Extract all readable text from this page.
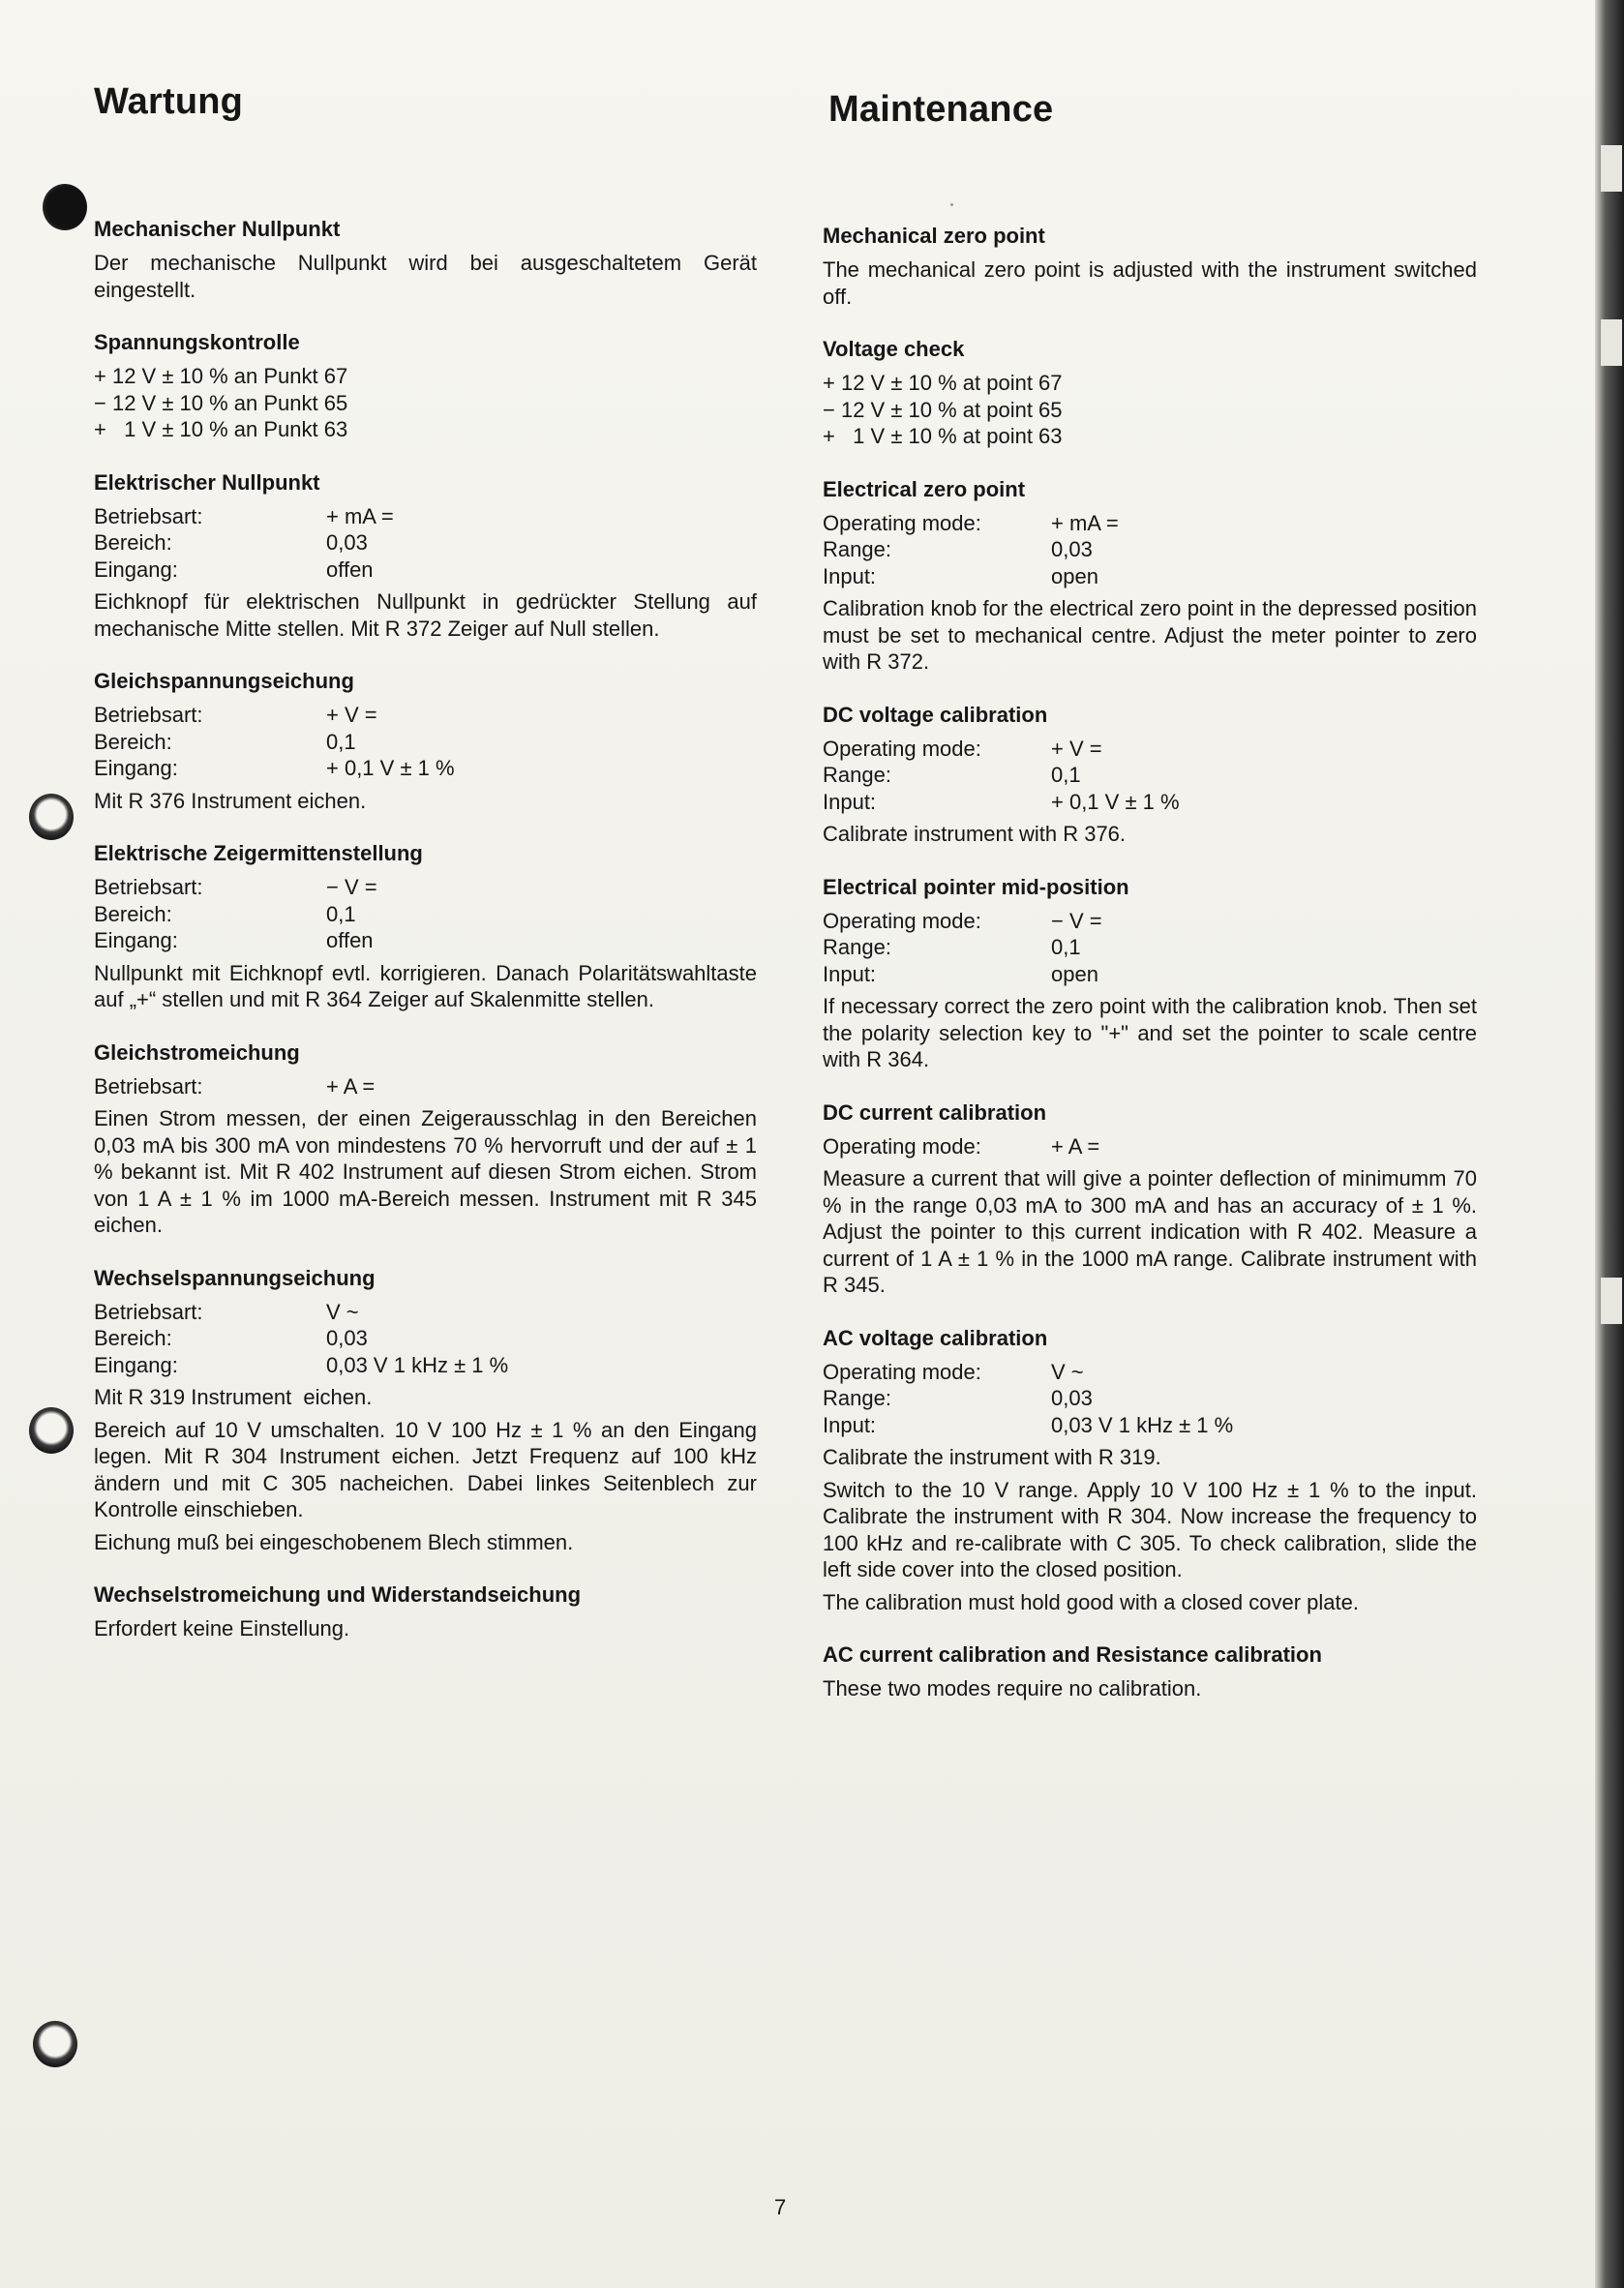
Wartung
Mechanischer Nullpunkt

Der mechanische Nullpunkt wird bei ausgeschaltetem Gerät eingestellt.

Spannungskontrolle
+ 12 V ± 10 % an Punkt 67
− 12 V ± 10 % an Punkt 65
+   1 V ± 10 % an Punkt 63
Elektrischer Nullpunkt
Betriebsart:	+ mA =
Bereich:	0,03
Eingang:	offen

Eichknopf für elektrischen Nullpunkt in gedrückter Stellung auf mechanische Mitte stellen. Mit R 372 Zeiger auf Null stellen.

Gleichspannungseichung
Betriebsart:	+ V =
Bereich:	0,1
Eingang:	+ 0,1 V ± 1 %
Mit R 376 Instrument eichen.
Elektrische Zeigermittenstellung
Betriebsart:	− V =
Bereich:	0,1
Eingang:	offen

Nullpunkt mit Eichknopf evtl. korrigieren. Danach Polaritätswahltaste auf „+“ stellen und mit R 364 Zeiger auf Skalenmitte stellen.

Gleichstromeichung
Betriebsart:	+ A =

Einen Strom messen, der einen Zeigerausschlag in den Bereichen 0,03 mA bis 300 mA von mindestens 70 % hervorruft und der auf ± 1 % bekannt ist. Mit R 402 Instrument auf diesen Strom eichen. Strom von 1 A ± 1 % im 1000 mA-Bereich messen. Instrument mit R 345 eichen.

Wechselspannungseichung
Betriebsart:	V ~
Bereich:	0,03
Eingang:	0,03 V 1 kHz ± 1 %
Mit R 319 Instrument  eichen.

Bereich auf 10 V umschalten. 10 V 100 Hz ± 1 % an den Eingang legen. Mit R 304 Instrument eichen. Jetzt Frequenz auf 100 kHz ändern und mit C 305 nacheichen. Dabei linkes Seitenblech zur Kontrolle einschieben.

Eichung muß bei eingeschobenem Blech stimmen.

Wechselstromeichung und Widerstandseichung

Erfordert keine Einstellung.

Maintenance
Mechanical zero point

The mechanical zero point is adjusted with the instrument switched off.

Voltage check
+ 12 V ± 10 % at point 67
− 12 V ± 10 % at point 65
+   1 V ± 10 % at point 63
Electrical zero point
Operating mode:	+ mA =
Range:	0,03
Input:	open

Calibration knob for the electrical zero point in the depressed position must be set to mechanical centre. Adjust the meter pointer to zero with R 372.

DC voltage calibration
Operating mode:	+ V =
Range:	0,1
Input:	+ 0,1 V ± 1 %
Calibrate instrument with R 376.
Electrical pointer mid-position
Operating mode:	− V =
Range:	0,1
Input:	open

If necessary correct the zero point with the calibration knob. Then set the polarity selection key to "+" and set the pointer to scale centre with R 364.

DC current calibration
Operating mode:	+ A =

Measure a current that will give a pointer deflection of minimumm 70 % in the range 0,03 mA to 300 mA and has an accuracy of ± 1 %. Adjust the pointer to this current indication with R 402. Measure a current of 1 A ± 1 % in the 1000 mA range. Calibrate instrument with R 345.

AC voltage calibration
Operating mode:	V ~
Range:	0,03
Input:	0,03 V 1 kHz ± 1 %
Calibrate the instrument with R 319.

Switch to the 10 V range. Apply 10 V 100 Hz ± 1 % to the input. Calibrate the instrument with R 304. Now increase the frequency to 100 kHz and re-calibrate with C 305. To check calibration, slide the left side cover into the closed position.

The calibration must hold good with a closed cover plate.

AC current calibration and Resistance calibration

These two modes require no calibration.

7
